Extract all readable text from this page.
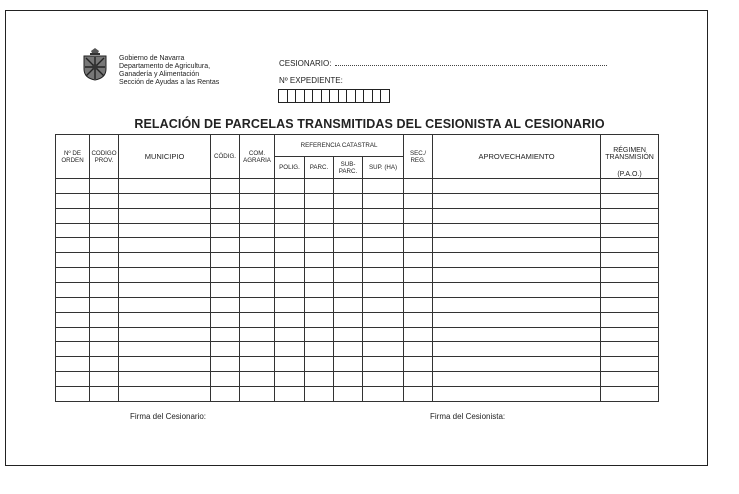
Gobierno de Navarra
Departamento de Agricultura,
Ganadería y Alimentación
Sección de Ayudas a las Rentas
CESIONARIO:
Nº EXPEDIENTE:
RELACIÓN DE PARCELAS TRANSMITIDAS DEL CESIONISTA AL CESIONARIO
Nº DE ORDEN	CODIGO PROV.	MUNICIPIO	CÓDIG.	COM. AGRARIA	REFERENCIA CATASTRAL				SEC./ REG.	APROVECHAMIENTO	RÉGIMEN TRANSMISIÓN
(P.A.O.)

					POLIG.	PARC.	SUB-PARC.	SUP. (HA)			

Firma del Cesionario:	Firma del Cesionista:
